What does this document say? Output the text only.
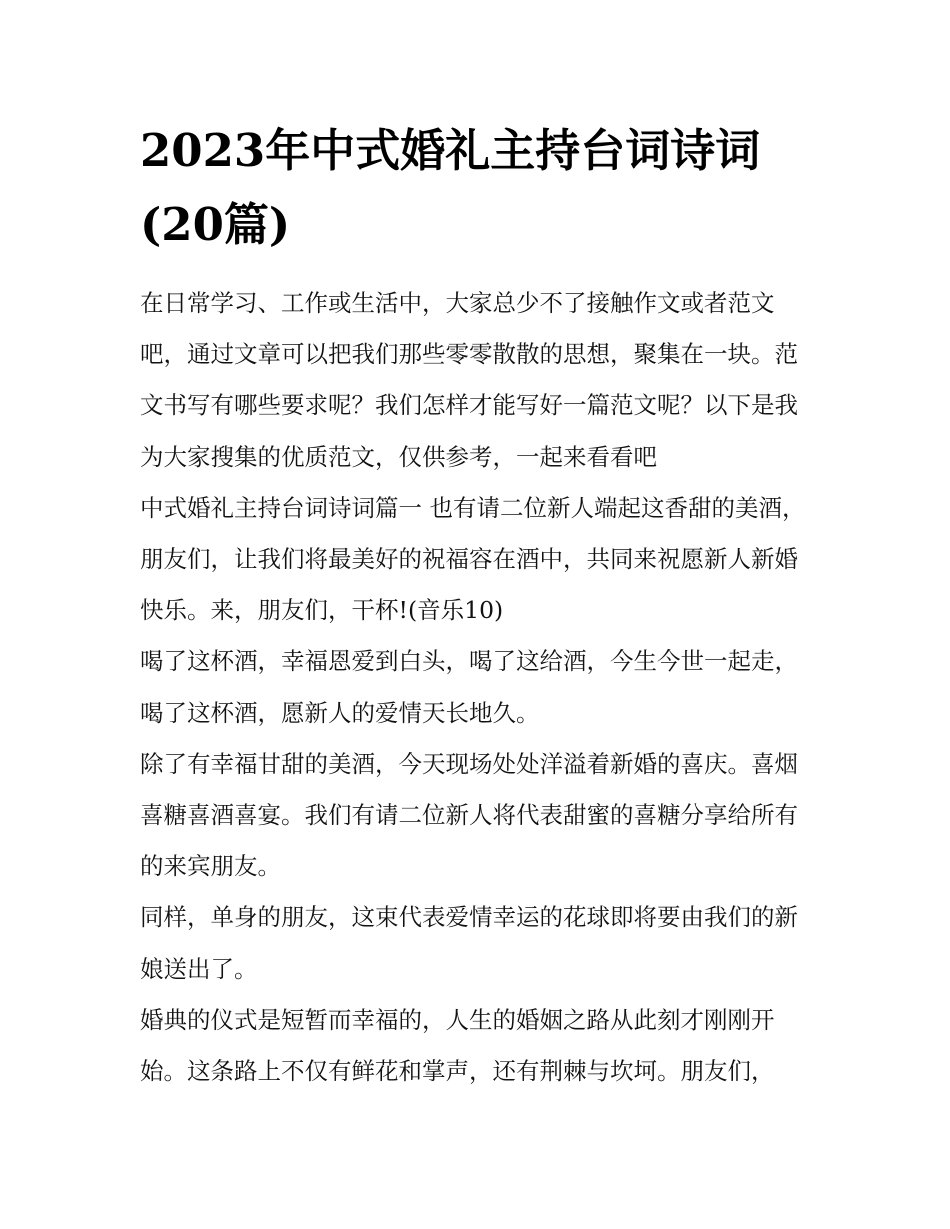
2023年中式婚礼主持台词诗词(20篇)

在日常学习、工作或生活中，大家总少不了接触作文或者范文吧，通过文章可以把我们那些零零散散的思想，聚集在一块。范文书写有哪些要求呢？我们怎样才能写好一篇范文呢？以下是我为大家搜集的优质范文，仅供参考，一起来看看吧

中式婚礼主持台词诗词篇一 也有请二位新人端起这香甜的美酒，朋友们，让我们将最美好的祝福容在酒中，共同来祝愿新人新婚快乐。来，朋友们，干杯!(音乐10)

喝了这杯酒，幸福恩爱到白头，喝了这给酒，今生今世一起走，喝了这杯酒，愿新人的爱情天长地久。

除了有幸福甘甜的美酒，今天现场处处洋溢着新婚的喜庆。喜烟喜糖喜酒喜宴。我们有请二位新人将代表甜蜜的喜糖分享给所有的来宾朋友。

同样，单身的朋友，这束代表爱情幸运的花球即将要由我们的新娘送出了。

婚典的仪式是短暂而幸福的，人生的婚姻之路从此刻才刚刚开始。这条路上不仅有鲜花和掌声，还有荆棘与坎坷。朋友们，
